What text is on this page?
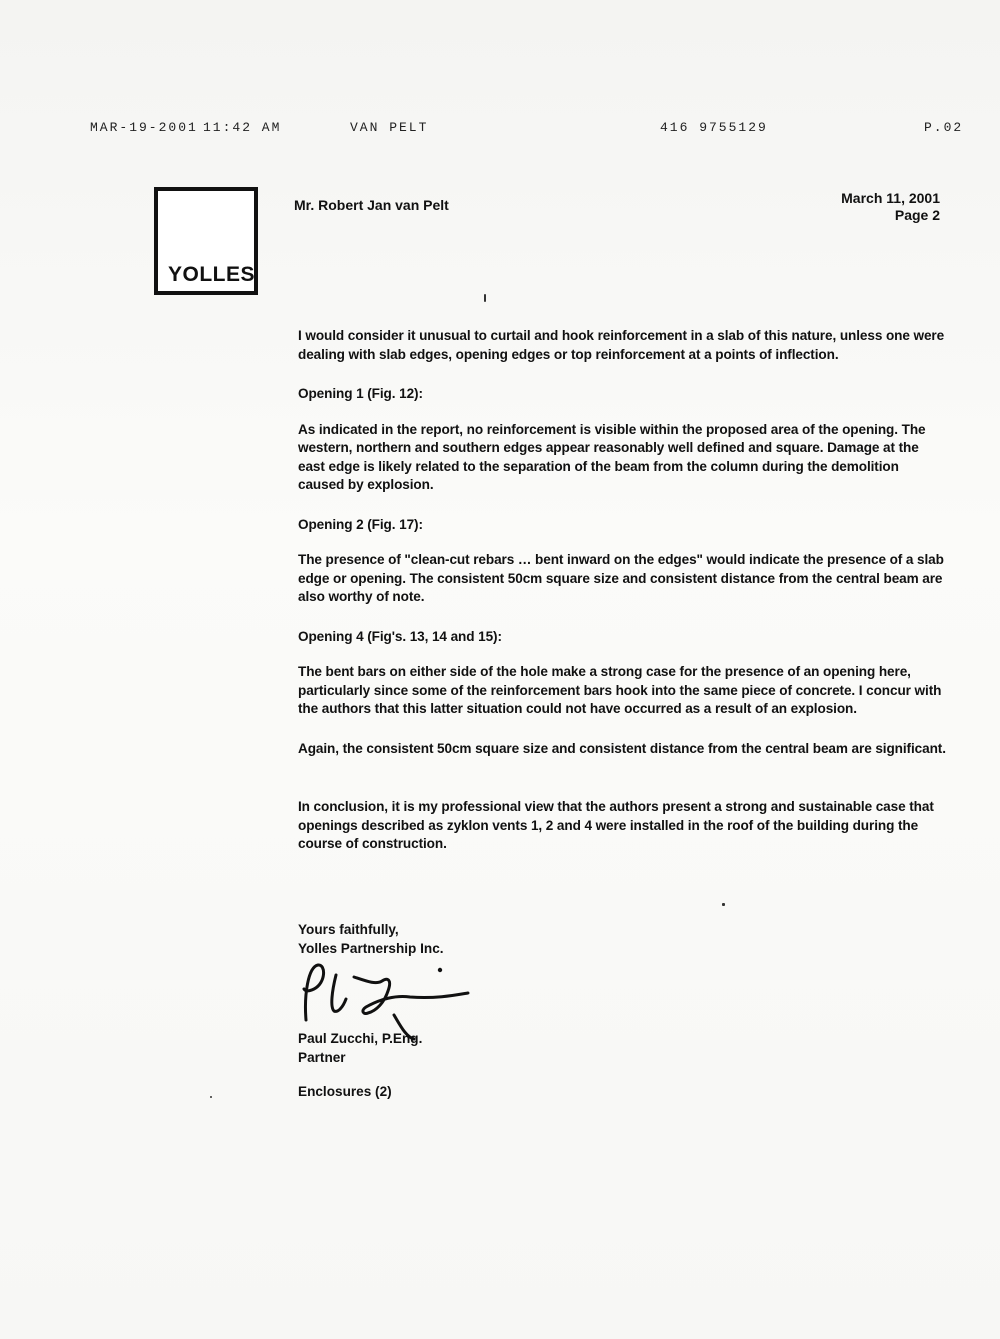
MAR-19-2001 11:42 AM	VAN PELT	416 9755129	P.02
YOLLES
Mr. Robert Jan van Pelt	March 11, 2001
Page 2

I would consider it unusual to curtail and hook reinforcement in a slab of this nature, unless one were dealing with slab edges, opening edges or top reinforcement at a points of inflection.

Opening 1 (Fig. 12):

As indicated in the report, no reinforcement is visible within the proposed area of the opening. The western, northern and southern edges appear reasonably well defined and square. Damage at the east edge is likely related to the separation of the beam from the column during the demolition caused by explosion.

Opening 2 (Fig. 17):

The presence of "clean-cut rebars … bent inward on the edges" would indicate the presence of a slab edge or opening. The consistent 50cm square size and consistent distance from the central beam are also worthy of note.

Opening 4 (Fig's. 13, 14 and 15):

The bent bars on either side of the hole make a strong case for the presence of an opening here, particularly since some of the reinforcement bars hook into the same piece of concrete. I concur with the authors that this latter situation could not have occurred as a result of an explosion.

Again, the consistent 50cm square size and consistent distance from the central beam are significant.

In conclusion, it is my professional view that the authors present a strong and sustainable case that openings described as zyklon vents 1, 2 and 4 were installed in the roof of the building during the course of construction.

Yours faithfully,
Yolles Partnership Inc.
Paul Zucchi, P.Eng.
Partner
Enclosures (2)
